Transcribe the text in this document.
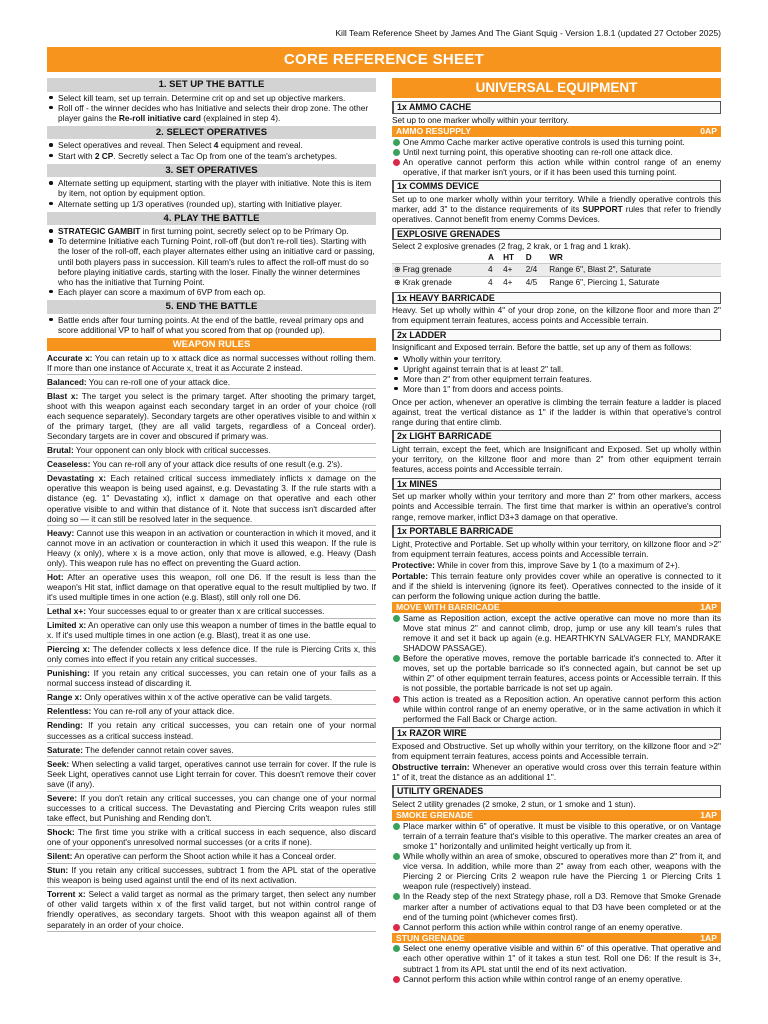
Kill Team Reference Sheet by James And The Giant Squig - Version 1.8.1 (updated 27 October 2025)
CORE REFERENCE SHEET
1. SET UP THE BATTLE
Select kill team, set up terrain. Determine crit op and set up objective markers.
Roll off - the winner decides who has Initiative and selects their drop zone. The other player gains the Re-roll initiative card (explained in step 4).
2. SELECT OPERATIVES
Select operatives and reveal. Then Select 4 equipment and reveal.
Start with 2 CP. Secretly select a Tac Op from one of the team's archetypes.
3. SET OPERATIVES
Alternate setting up equipment, starting with the player with initiative. Note this is item by item, not option by equipment option.
Alternate setting up 1/3 operatives (rounded up), starting with Initiative player.
4. PLAY THE BATTLE
STRATEGIC GAMBIT in first turning point, secretly select op to be Primary Op.
To determine Initiative each Turning Point, roll-off (but don't re-roll ties). Starting with the loser of the roll-off, each player alternates either using an initiative card or passing, until both players pass in succession. Kill team's rules to affect the roll-off must do so before playing initiative cards, starting with the loser. Finally the winner determines who has the initiative that Turning Point.
Each player can score a maximum of 6VP from each op.
5. END THE BATTLE
Battle ends after four turning points. At the end of the battle, reveal primary ops and score additional VP to half of what you scored from that op (rounded up).
WEAPON RULES
Accurate x: You can retain up to x attack dice as normal successes without rolling them. If more than one instance of Accurate x, treat it as Accurate 2 instead.
Balanced: You can re-roll one of your attack dice.
Blast x: The target you select is the primary target. After shooting the primary target, shoot with this weapon against each secondary target in an order of your choice (roll each sequence separately). Secondary targets are other operatives visible to and within x of the primary target, (they are all valid targets, regardless of a Conceal order). Secondary targets are in cover and obscured if primary was.
Brutal: Your opponent can only block with critical successes.
Ceaseless: You can re-roll any of your attack dice results of one result (e.g. 2's).
Devastating x: Each retained critical success immediately inflicts x damage on the operative this weapon is being used against, e.g. Devastating 3. If the rule starts with a distance (eg. 1" Devastating x), inflict x damage on that operative and each other operative visible to and within that distance of it. Note that success isn't discarded after doing so — it can still be resolved later in the sequence.
Heavy: Cannot use this weapon in an activation or counteraction in which it moved, and it cannot move in an activation or counteraction in which it used this weapon. If the rule is Heavy (x only), where x is a move action, only that move is allowed, e.g. Heavy (Dash only). This weapon rule has no effect on preventing the Guard action.
Hot: After an operative uses this weapon, roll one D6. If the result is less than the weapon's Hit stat, inflict damage on that operative equal to the result multiplied by two. If it's used multiple times in one action (e.g. Blast), still only roll one D6.
Lethal x+: Your successes equal to or greater than x are critical successes.
Limited x: An operative can only use this weapon a number of times in the battle equal to x. If it's used multiple times in one action (e.g. Blast), treat it as one use.
Piercing x: The defender collects x less defence dice. If the rule is Piercing Crits x, this only comes into effect if you retain any critical successes.
Punishing: If you retain any critical successes, you can retain one of your fails as a normal success instead of discarding it.
Range x: Only operatives within x of the active operative can be valid targets.
Relentless: You can re-roll any of your attack dice.
Rending: If you retain any critical successes, you can retain one of your normal successes as a critical success instead.
Saturate: The defender cannot retain cover saves.
Seek: When selecting a valid target, operatives cannot use terrain for cover. If the rule is Seek Light, operatives cannot use Light terrain for cover. This doesn't remove their cover save (if any).
Severe: If you don't retain any critical successes, you can change one of your normal successes to a critical success. The Devastating and Piercing Crits weapon rules still take effect, but Punishing and Rending don't.
Shock: The first time you strike with a critical success in each sequence, also discard one of your opponent's unresolved normal successes (or a crits if none).
Silent: An operative can perform the Shoot action while it has a Conceal order.
Stun: If you retain any critical successes, subtract 1 from the APL stat of the operative this weapon is being used against until the end of its next activation.
Torrent x: Select a valid target as normal as the primary target, then select any number of other valid targets within x of the first valid target, but not within control range of friendly operatives, as secondary targets. Shoot with this weapon against all of them separately in an order of your choice.
UNIVERSAL EQUIPMENT
1x AMMO CACHE
Set up to one marker wholly within your territory.
AMMO RESUPPLY	0AP
One Ammo Cache marker active operative controls is used this turning point.
Until next turning point, this operative shooting can re-roll one attack dice.
An operative cannot perform this action while within control range of an enemy operative, if that marker isn't yours, or if it has been used this turning point.
1x COMMS DEVICE
Set up to one marker wholly within your territory. While a friendly operative controls this marker, add 3" to the distance requirements of its SUPPORT rules that refer to friendly operatives. Cannot benefit from enemy Comms Devices.
EXPLOSIVE GRENADES
Select 2 explosive grenades (2 frag, 2 krak, or 1 frag and 1 krak).
	A	HT	D	WR
⊕ Frag grenade	4	4+	2/4	Range 6", Blast 2", Saturate
⊕ Krak grenade	4	4+	4/5	Range 6", Piercing 1, Saturate
1x HEAVY BARRICADE
Heavy. Set up wholly within 4" of your drop zone, on the killzone floor and more than 2" from equipment terrain features, access points and Accessible terrain.
2x LADDER
Insignificant and Exposed terrain. Before the battle, set up any of them as follows:
Wholly within your territory.
Upright against terrain that is at least 2" tall.
More than 2" from other equipment terrain features.
More than 1" from doors and access points.
Once per action, whenever an operative is climbing the terrain feature a ladder is placed against, treat the vertical distance as 1" if the ladder is within that operative's control range during that entire climb.
2x LIGHT BARRICADE
Light terrain, except the feet, which are Insignificant and Exposed. Set up wholly within your territory, on the killzone floor and more than 2" from other equipment terrain features, access points and Accessible terrain.
1x MINES
Set up marker wholly within your territory and more than 2" from other markers, access points and Accessible terrain. The first time that marker is within an operative's control range, remove marker, inflict D3+3 damage on that operative.
1x PORTABLE BARRICADE
Light, Protective and Portable. Set up wholly within your territory, on killzone floor and >2" from equipment terrain features, access points and Accessible terrain.
Protective: While in cover from this, improve Save by 1 (to a maximum of 2+).
Portable: This terrain feature only provides cover while an operative is connected to it and if the shield is intervening (ignore its feet). Operatives connected to the inside of it can perform the following unique action during the battle.
MOVE WITH BARRICADE	1AP
Same as Reposition action, except the active operative can move no more than its Move stat minus 2" and cannot climb, drop, jump or use any kill team's rules that remove it and set it back up again (e.g. HEARTHKYN SALVAGER FLY, MANDRAKE SHADOW PASSAGE).
Before the operative moves, remove the portable barricade it's connected to. After it moves, set up the portable barricade so it's connected again, but cannot be set up within 2" of other equipment terrain features, access points or Accessible terrain. If this is not possible, the portable barricade is not set up again.
This action is treated as a Reposition action. An operative cannot perform this action while within control range of an enemy operative, or in the same activation in which it performed the Fall Back or Charge action.
1x RAZOR WIRE
Exposed and Obstructive. Set up wholly within your territory, on the killzone floor and >2" from equipment terrain features, access points and Accessible terrain.
Obstructive terrain: Whenever an operative would cross over this terrain feature within 1" of it, treat the distance as an additional 1".
UTILITY GRENADES
Select 2 utility grenades (2 smoke, 2 stun, or 1 smoke and 1 stun).
SMOKE GRENADE	1AP
Place marker within 6" of operative. It must be visible to this operative, or on Vantage terrain of a terrain feature that's visible to this operative. The marker creates an area of smoke 1" horizontally and unlimited height vertically up from it.
While wholly within an area of smoke, obscured to operatives more than 2" from it, and vice versa. In addition, while more than 2" away from each other, weapons with the Piercing 2 or Piercing Crits 2 weapon rule have the Piercing 1 or Piercing Crits 1 weapon rule (respectively) instead.
In the Ready step of the next Strategy phase, roll a D3. Remove that Smoke Grenade marker after a number of activations equal to that D3 have been completed or at the end of the turning point (whichever comes first).
Cannot perform this action while within control range of an enemy operative.
STUN GRENADE	1AP
Select one enemy operative visible and within 6" of this operative. That operative and each other operative within 1" of it takes a stun test. Roll one D6: If the result is 3+, subtract 1 from its APL stat until the end of its next activation.
Cannot perform this action while within control range of an enemy operative.
